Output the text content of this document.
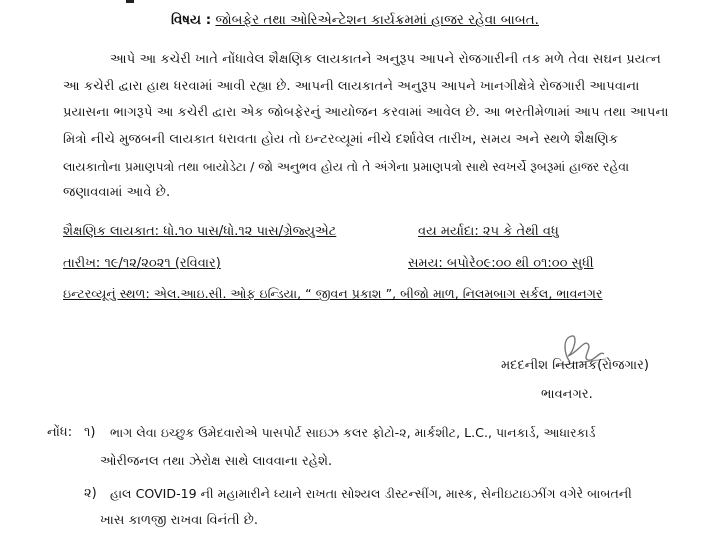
વિષય : જોબફેર તથા ઓરિએન્ટેશન કાર્યક્રમમાં હાજર રહેવા બાબત.
આપે આ કચેરી ખાતે નોંધાવેલ શૈક્ષણિક લાયકાતને અનુરૂપ આપને રોજગારીની તક મળે તેવા સઘન પ્રયત્ન
આ કચેરી દ્વારા હાથ ધરવામાં આવી રહ્યા છે. આપની લાયકાતને અનુરૂપ આપને ખાનગીક્ષેત્રે રોજગારી આપવાના
પ્રયાસના ભાગરૂપે આ કચેરી દ્વારા એક જોબફેરનું આયોજન કરવામાં આવેલ છે. આ ભરતીમેળામાં આપ તથા આપના
મિત્રો નીચે મુજબની લાયકાત ધરાવતા હોય તો ઇન્ટરવ્યૂમાં નીચે દર્શાવેલ તારીખ, સમય અને સ્થળે શૈક્ષણિક
લાયકાતોના પ્રમાણપત્રો તથા બાયોડેટા / જો અનુભવ હોય તો તે અંગેના પ્રમાણપત્રો સાથે સ્વખર્ચે રૂબરૂમાં હાજર રહેવા
જણાવવામાં આવે છે.
શૈક્ષણિક લાયકાત: ધો.૧૦ પાસ/ધો.૧૨ પાસ/ગ્રેજ્યુએટ	વય મર્યાદા: ૨૫ કે તેથી વધુ
તારીખ: ૧૯/૧૨/૨૦૨૧ (રવિવાર)	સમય: બપોરે૦૯:૦૦ થી ૦૧:૦૦ સુધી
ઇન્ટરવ્યૂનું સ્થળ: એલ.આઇ.સી. ઓફ ઇન્ડિયા, “ જીવન પ્રકાશ ”, બીજો માળ, નિલમબાગ સર્કલ, ભાવનગર
મદદનીશ નિયામક(રોજગાર)
ભાવનગર.
નોંધ: ૧) ભાગ લેવા ઇચ્છુક ઉમેદવારોએ પાસપોર્ટ સાઇઝ કલર ફોટો-૨, માર્કશીટ, L.C., પાનકાર્ડ, આધારકાર્ડ
ઓરીજનલ તથા ઝેરોક્ષ સાથે લાવવાના રહેશે.
૨) હાલ COVID-19 ની મહામારીને ધ્યાને રાખતા સોશ્યલ ડીસ્ટન્સીંગ, માસ્ક, સેનીઇટાઇઝીંગ વગેરે બાબતની
ખાસ કાળજી રાખવા વિનંતી છે.
